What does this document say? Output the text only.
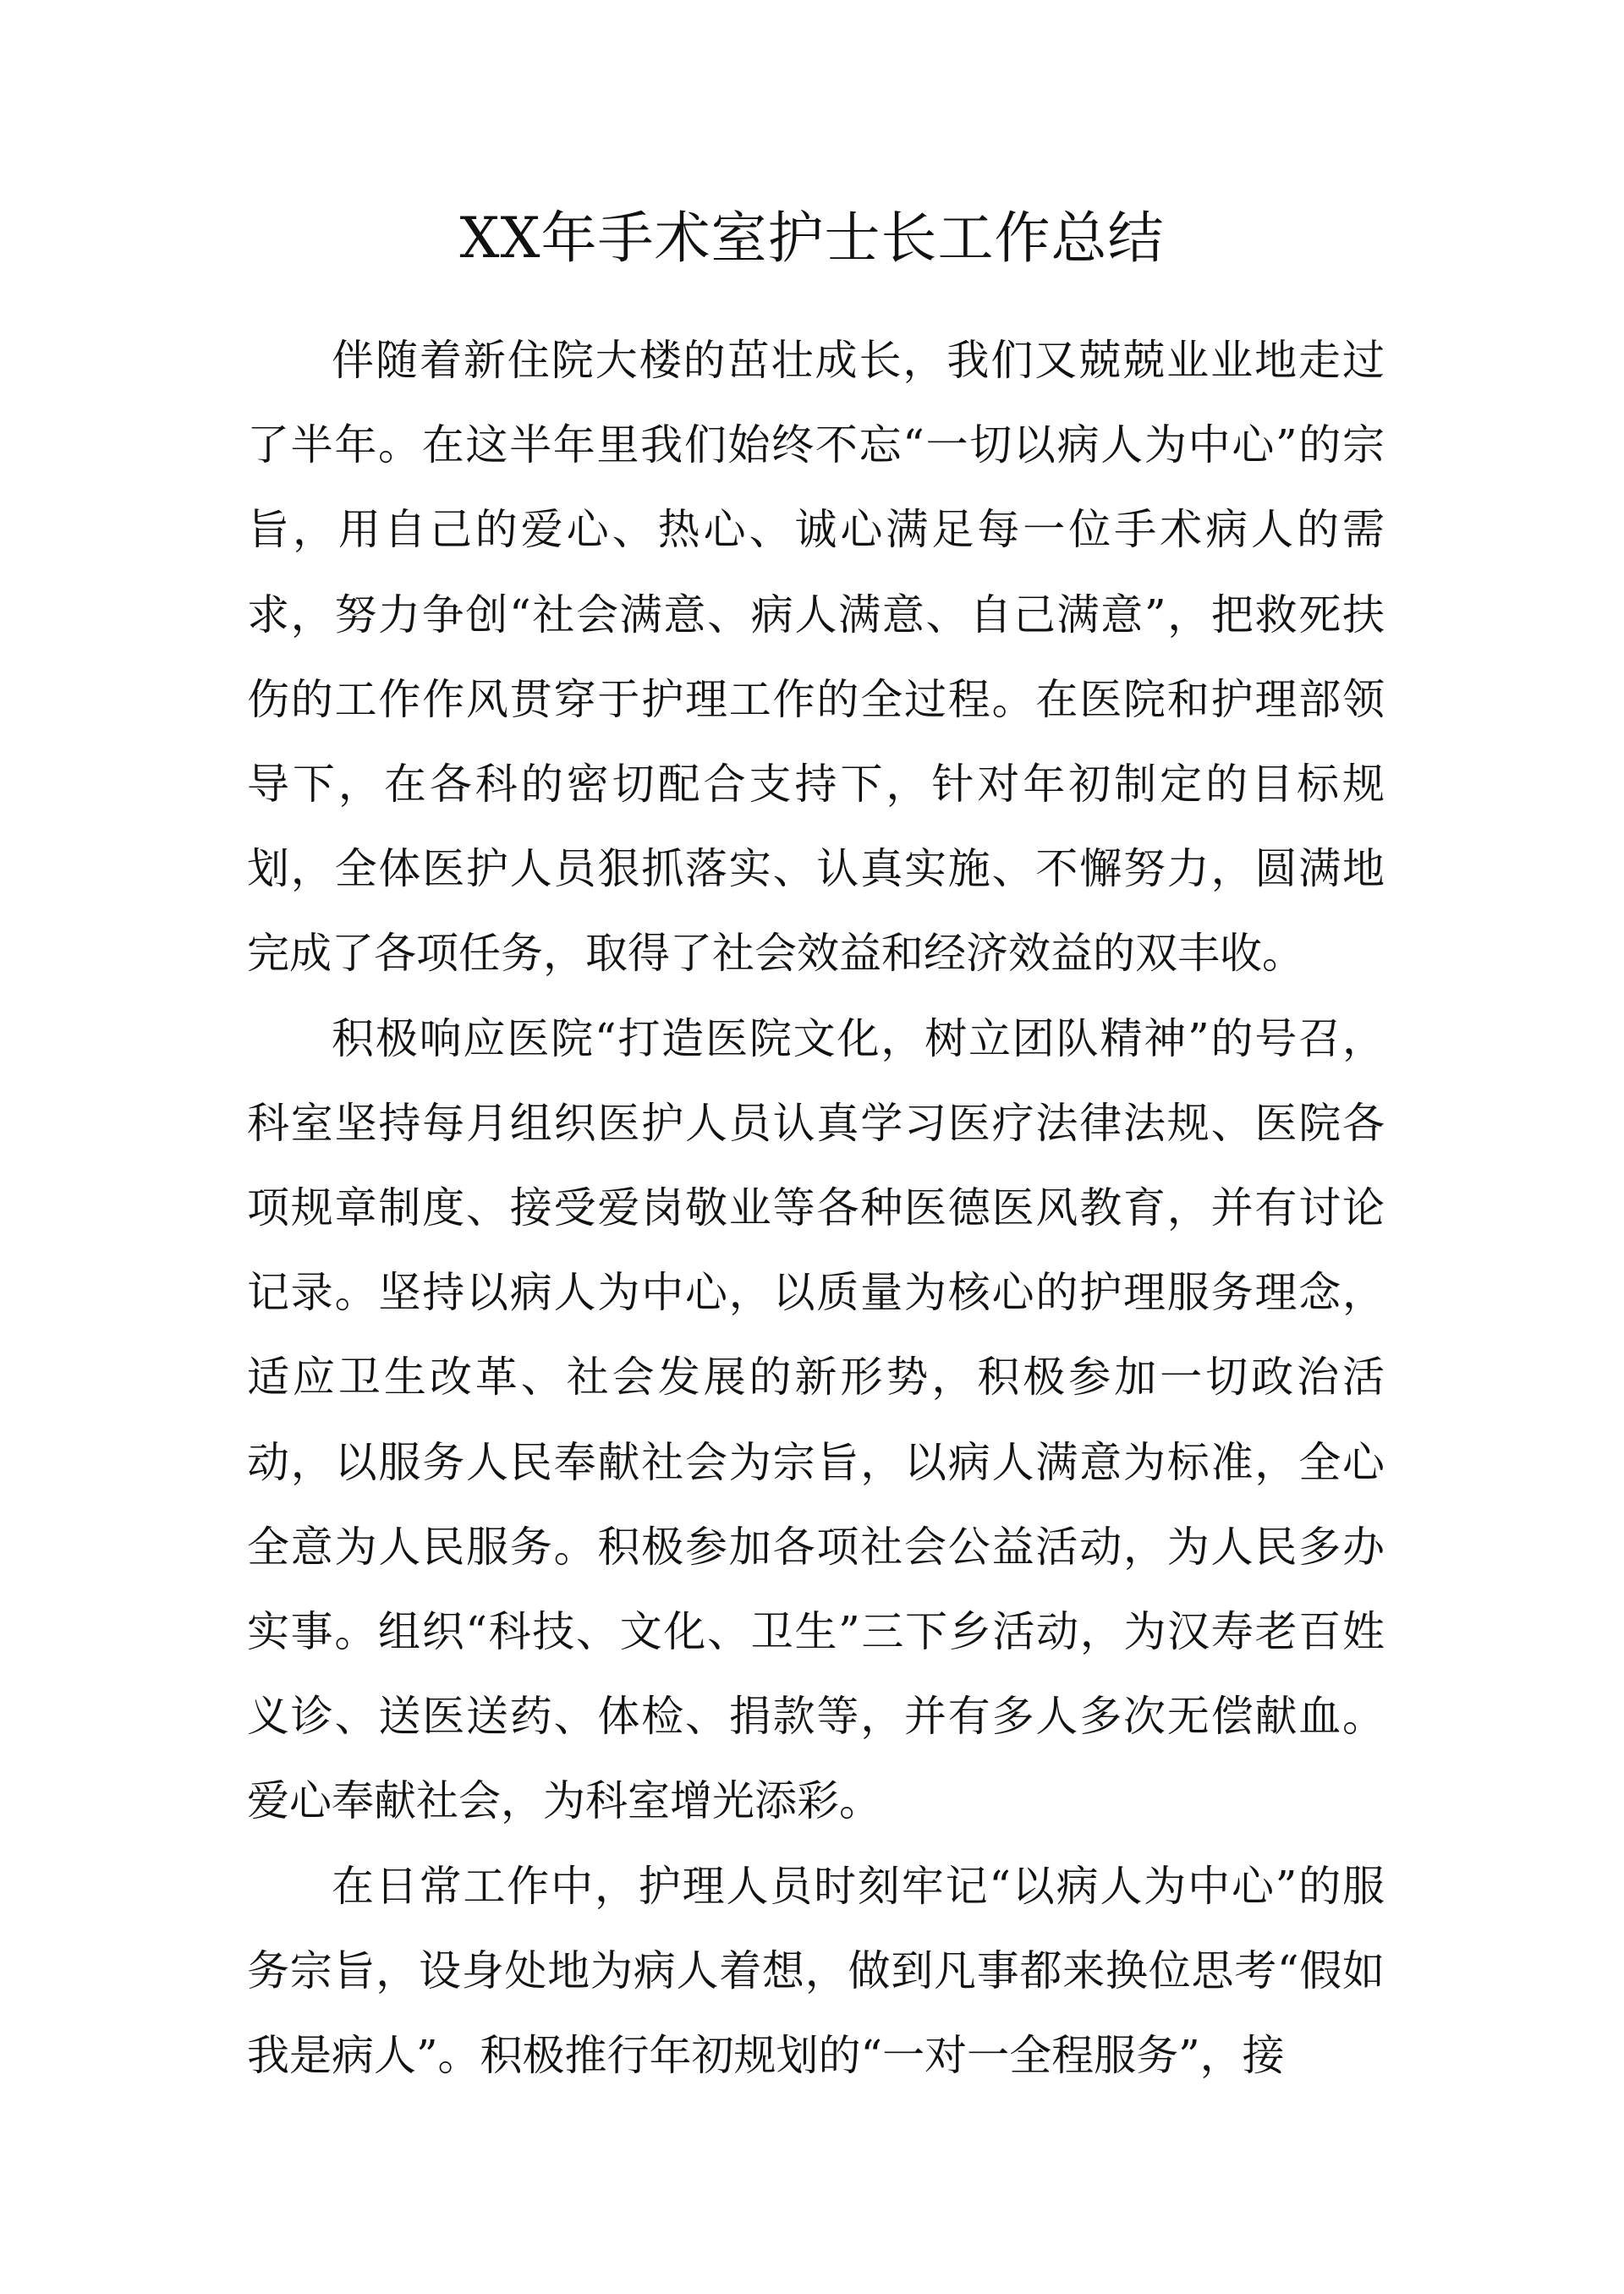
XX年手术室护士长工作总结

伴随着新住院大楼的茁壮成长，我们又兢兢业业地走过了半年。在这半年里我们始终不忘“一切以病人为中心”的宗旨，用自己的爱心、热心、诚心满足每一位手术病人的需求，努力争创“社会满意、病人满意、自己满意”，把救死扶伤的工作作风贯穿于护理工作的全过程。在医院和护理部领导下，在各科的密切配合支持下，针对年初制定的目标规划，全体医护人员狠抓落实、认真实施、不懈努力，圆满地完成了各项任务，取得了社会效益和经济效益的双丰收。

积极响应医院“打造医院文化，树立团队精神”的号召，科室坚持每月组织医护人员认真学习医疗法律法规、医院各项规章制度、接受爱岗敬业等各种医德医风教育，并有讨论记录。坚持以病人为中心，以质量为核心的护理服务理念，适应卫生改革、社会发展的新形势，积极参加一切政治活动，以服务人民奉献社会为宗旨，以病人满意为标准，全心全意为人民服务。积极参加各项社会公益活动，为人民多办实事。组织“科技、文化、卫生”三下乡活动，为汉寿老百姓义诊、送医送药、体检、捐款等，并有多人多次无偿献血。爱心奉献社会，为科室增光添彩。

在日常工作中，护理人员时刻牢记“以病人为中心”的服务宗旨，设身处地为病人着想，做到凡事都来换位思考“假如我是病人”。积极推行年初规划的“一对一全程服务”，接
